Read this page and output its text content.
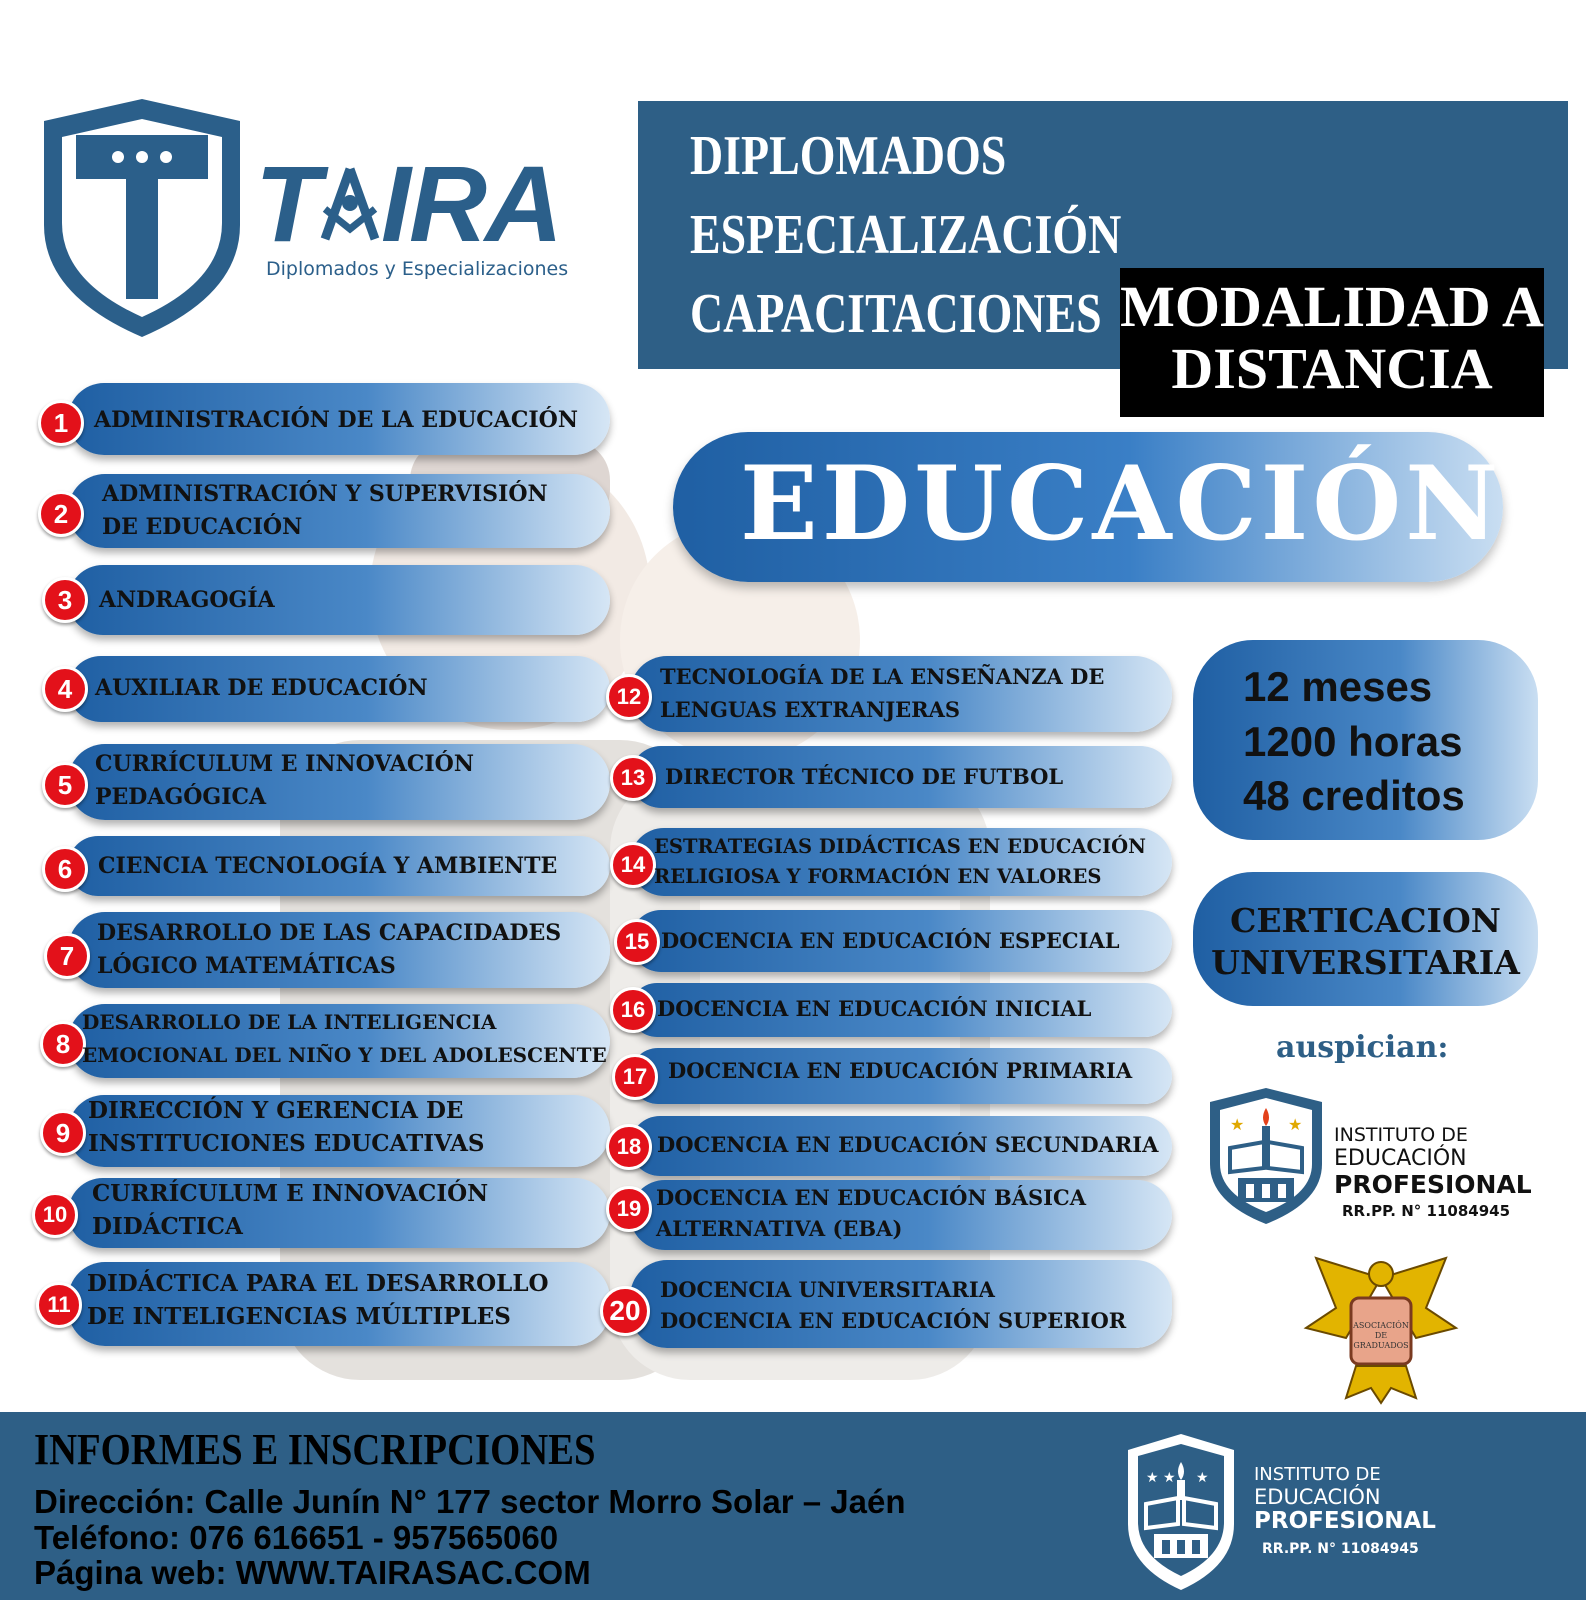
T IRA
Diplomados y Especializaciones
DIPLOMADOS
ESPECIALIZACIÓN
CAPACITACIONES MODALIDAD A
DISTANCIA
EDUCACIÓN
1	ADMINISTRACIÓN DE LA EDUCACIÓN
2
ADMINISTRACIÓN Y SUPERVISIÓN
DE EDUCACIÓN
3	ANDRAGOGÍA
4	AUXILIAR DE EDUCACIÓN
5
CURRÍCULUM E INNOVACIÓN
PEDAGÓGICA
6	CIENCIA TECNOLOGÍA Y AMBIENTE
7
DESARROLLO DE LAS CAPACIDADES
LÓGICO MATEMÁTICAS
8
DESARROLLO DE LA INTELIGENCIA
EMOCIONAL DEL NIÑO Y DEL ADOLESCENTE
9
DIRECCIÓN Y GERENCIA DE
INSTITUCIONES EDUCATIVAS
10
CURRÍCULUM E INNOVACIÓN
DIDÁCTICA
11
DIDÁCTICA PARA EL DESARROLLO
DE INTELIGENCIAS MÚLTIPLES
12
TECNOLOGÍA DE LA ENSEÑANZA DE
LENGUAS EXTRANJERAS
13 DIRECTOR TÉCNICO DE FUTBOL
14
ESTRATEGIAS DIDÁCTICAS EN EDUCACIÓN
RELIGIOSA Y FORMACIÓN EN VALORES
15 DOCENCIA EN EDUCACIÓN ESPECIAL
16 DOCENCIA EN EDUCACIÓN INICIAL
17 DOCENCIA EN EDUCACIÓN PRIMARIA
18 DOCENCIA EN EDUCACIÓN SECUNDARIA
19 DOCENCIA EN EDUCACIÓN BÁSICA
ALTERNATIVA (EBA)
20
DOCENCIA UNIVERSITARIA
DOCENCIA EN EDUCACIÓN SUPERIOR
12 meses
1200 horas
48 creditos
CERTICACION
UNIVERSITARIA
auspician:
★	★ INSTITUTO DE
EDUCACIÓN
PROFESIONAL
RR.PP. N° 11084945
ASOCIACIÓN
DE
GRADUADOS
INFORMES E INSCRIPCIONES
Dirección: Calle Junín N° 177 sector Morro Solar – Jaén
Teléfono: 076 616651 - 957565060
Página web: WWW.TAIRASAC.COM
★ ★ ★	INSTITUTO DE
EDUCACIÓN
PROFESIONAL
RR.PP. N° 11084945
